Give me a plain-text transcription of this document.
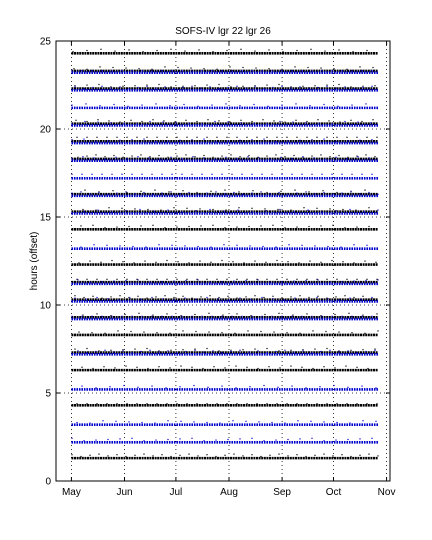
SOFS-IV lgr 22 lgr 26
May	Jun	Jul	Aug	Sep	Oct	Nov
0
5
10
15
20
25
hours (offset)
